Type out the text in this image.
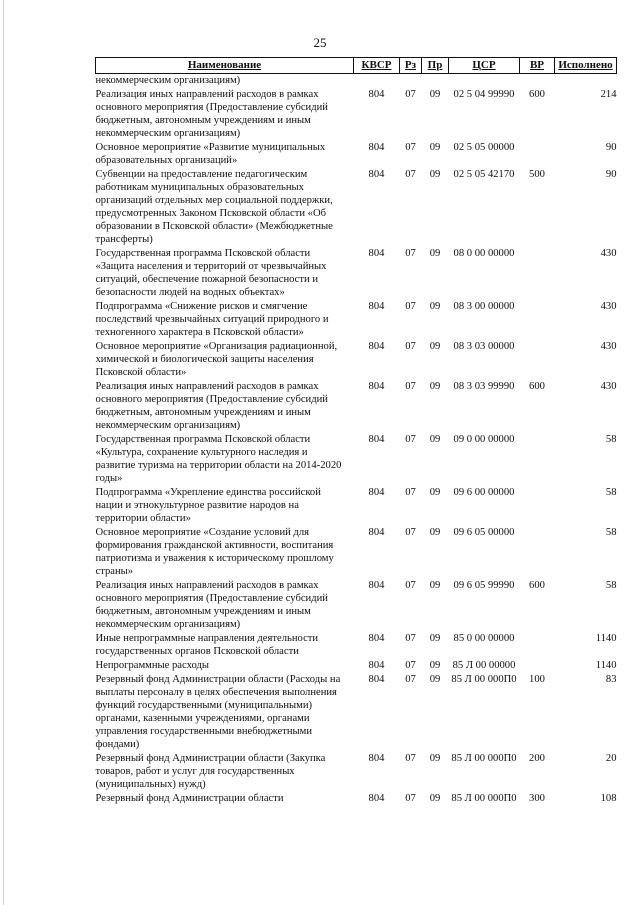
25
Наименование	КВСР	Рз	Пр	ЦСР	ВР	Исполнено
некоммерческим организациям)						
Реализация иных направлений расходов в рамках основного мероприятия (Предоставление субсидий бюджетным, автономным учреждениям и иным некоммерческим организациям)	804	07	09	02 5 04 99990	600	214
Основное мероприятие «Развитие муниципальных образовательных организаций»	804	07	09	02 5 05 00000		90
Субвенции на предоставление педагогическим работникам муниципальных образовательных организаций отдельных мер социальной поддержки, предусмотренных Законом Псковской области «Об образовании в Псковской области» (Межбюджетные трансферты)	804	07	09	02 5 05 42170	500	90
Государственная программа Псковской области «Защита населения и территорий от чрезвычайных ситуаций, обеспечение пожарной безопасности и безопасности людей на водных объектах»	804	07	09	08 0 00 00000		430
Подпрограмма «Снижение рисков и смягчение последствий чрезвычайных ситуаций природного и техногенного характера в Псковской области»	804	07	09	08 3 00 00000		430
Основное мероприятие «Организация радиационной, химической и биологической защиты населения Псковской области»	804	07	09	08 3 03 00000		430
Реализация иных направлений расходов в рамках основного мероприятия (Предоставление субсидий бюджетным, автономным учреждениям и иным некоммерческим организациям)	804	07	09	08 3 03 99990	600	430
Государственная программа Псковской области «Культура, сохранение культурного наследия и развитие туризма на территории области на 2014-2020 годы»	804	07	09	09 0 00 00000		58
Подпрограмма «Укрепление единства российской нации и этнокультурное развитие народов на территории области»	804	07	09	09 6 00 00000		58
Основное мероприятие «Создание условий для формирования гражданской активности, воспитания патриотизма и уважения к историческому прошлому страны»	804	07	09	09 6 05 00000		58
Реализация иных направлений расходов в рамках основного мероприятия (Предоставление субсидий бюджетным, автономным учреждениям и иным некоммерческим организациям)	804	07	09	09 6 05 99990	600	58
Иные непрограммные направления деятельности государственных органов Псковской области	804	07	09	85 0 00 00000		1140
Непрограммные расходы	804	07	09	85 Л 00 00000		1140
Резервный фонд Администрации области (Расходы на выплаты персоналу в целях обеспечения выполнения функций государственными (муниципальными) органами, казенными учреждениями, органами управления государственными внебюджетными фондами)	804	07	09	85 Л 00 000П0	100	83
Резервный фонд Администрации области (Закупка товаров, работ и услуг для государственных (муниципальных) нужд)	804	07	09	85 Л 00 000П0	200	20
Резервный фонд Администрации области	804	07	09	85 Л 00 000П0	300	108
